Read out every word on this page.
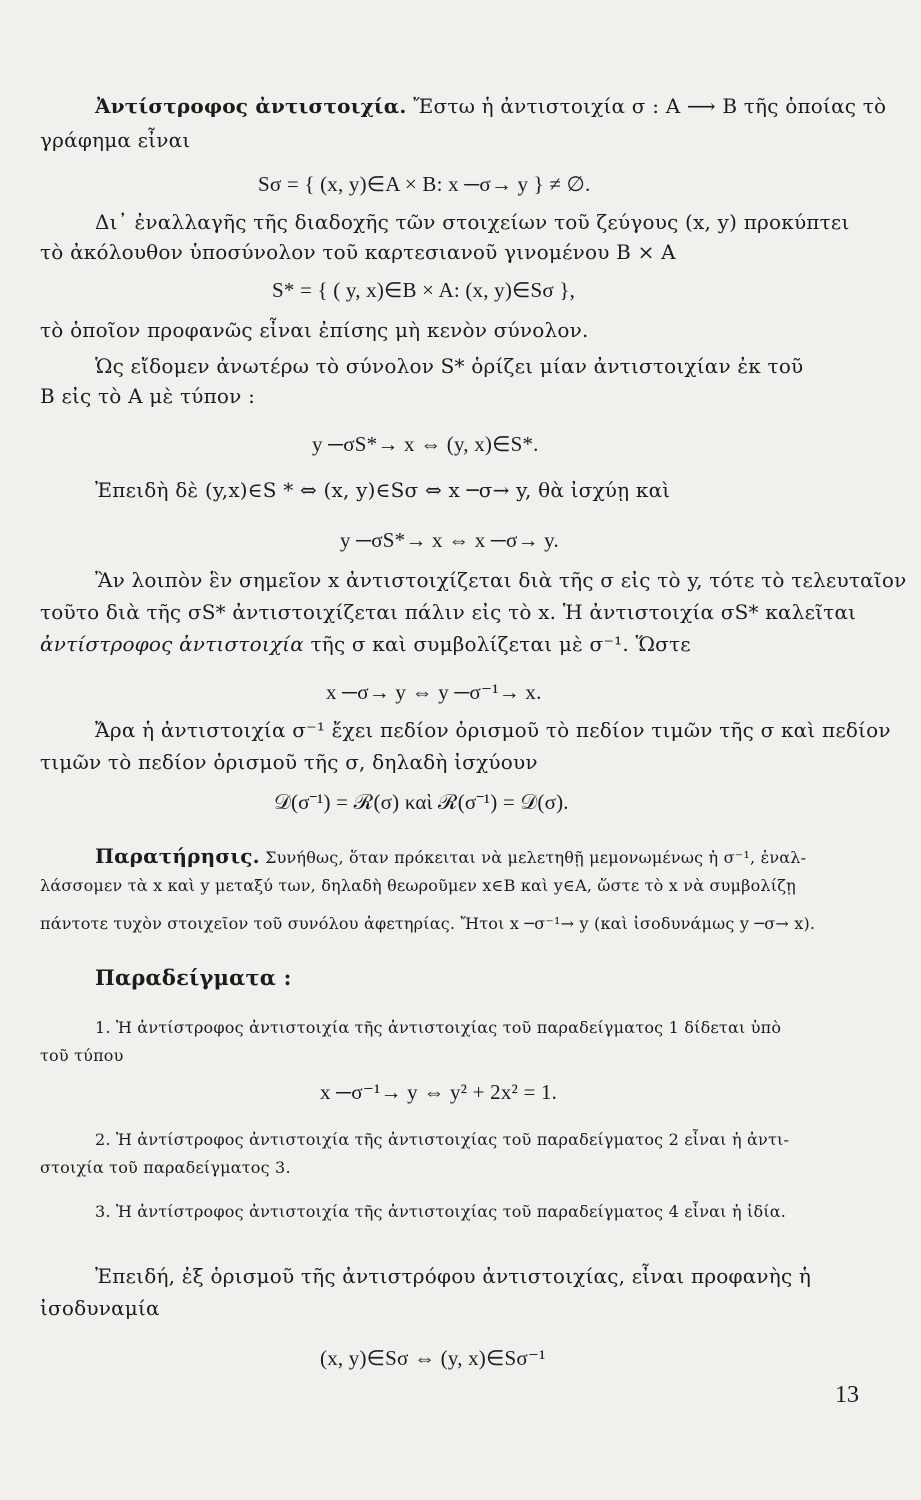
Ἀντίστροφος ἀντιστοιχία. Ἔστω ἡ ἀντιστοιχία σ : A ⟶ B τῆς ὁποίας τὸ
γράφημα εἶναι
Sσ = { (x, y)∈A × B: x ─σ→ y } ≠ ∅.
Δι᾿ ἐναλλαγῆς τῆς διαδοχῆς τῶν στοιχείων τοῦ ζεύγους (x, y) προκύπτει
τὸ ἀκόλουθον ὑποσύνολον τοῦ καρτεσιανοῦ γινομένου B × A
S* = { ( y, x)∈B × A: (x, y)∈Sσ },
τὸ ὁποῖον προφανῶς εἶναι ἐπίσης μὴ κενὸν σύνολον.
Ὡς εἴδομεν ἀνωτέρω τὸ σύνολον S* ὁρίζει μίαν ἀντιστοιχίαν ἐκ τοῦ
B εἰς τὸ A μὲ τύπον :
y ─σS*→ x ⇔ (y, x)∈S*.
Ἐπειδὴ δὲ (y,x)∈S * ⇔ (x, y)∈Sσ ⇔ x ─σ→ y, θὰ ἰσχύῃ καὶ
y ─σS*→ x ⇔ x ─σ→ y.
Ἂν λοιπὸν ἓν σημεῖον x ἀντιστοιχίζεται διὰ τῆς σ εἰς τὸ y, τότε τὸ τελευταῖον
τοῦτο διὰ τῆς σS* ἀντιστοιχίζεται πάλιν εἰς τὸ x. Ἡ ἀντιστοιχία σS* καλεῖται
ἀντίστροφος ἀντιστοιχία τῆς σ καὶ συμβολίζεται μὲ σ⁻¹. Ὥστε
x ─σ→ y ⇔ y ─σ⁻¹→ x.
Ἄρα ἡ ἀντιστοιχία σ⁻¹ ἔχει πεδίον ὁρισμοῦ τὸ πεδίον τιμῶν τῆς σ καὶ πεδίον
τιμῶν τὸ πεδίον ὁρισμοῦ τῆς σ, δηλαδὴ ἰσχύουν
𝒟(σ⁻¹) = ℛ(σ) καὶ ℛ(σ⁻¹) = 𝒟(σ).
Παρατήρησις. Συνήθως, ὅταν πρόκειται νὰ μελετηθῇ μεμονωμένως ἡ σ⁻¹, ἐναλ-
λάσσομεν τὰ x καὶ y μεταξύ των, δηλαδὴ θεωροῦμεν x∈B καὶ y∈A, ὥστε τὸ x νὰ συμβολίζῃ
πάντοτε τυχὸν στοιχεῖον τοῦ συνόλου ἀφετηρίας. Ἤτοι x ─σ⁻¹→ y (καὶ ἰσοδυνάμως y ─σ→ x).
Παραδείγματα :
1. Ἡ ἀντίστροφος ἀντιστοιχία τῆς ἀντιστοιχίας τοῦ παραδείγματος 1 δίδεται ὑπὸ
τοῦ τύπου
x ─σ⁻¹→ y ⇔ y² + 2x² = 1.
2. Ἡ ἀντίστροφος ἀντιστοιχία τῆς ἀντιστοιχίας τοῦ παραδείγματος 2 εἶναι ἡ ἀντι-
στοιχία τοῦ παραδείγματος 3.
3. Ἡ ἀντίστροφος ἀντιστοιχία τῆς ἀντιστοιχίας τοῦ παραδείγματος 4 εἶναι ἡ ἰδία.
Ἐπειδή, ἐξ ὁρισμοῦ τῆς ἀντιστρόφου ἀντιστοιχίας, εἶναι προφανὴς ἡ
ἰσοδυναμία
(x, y)∈Sσ ⇔ (y, x)∈Sσ⁻¹
13
